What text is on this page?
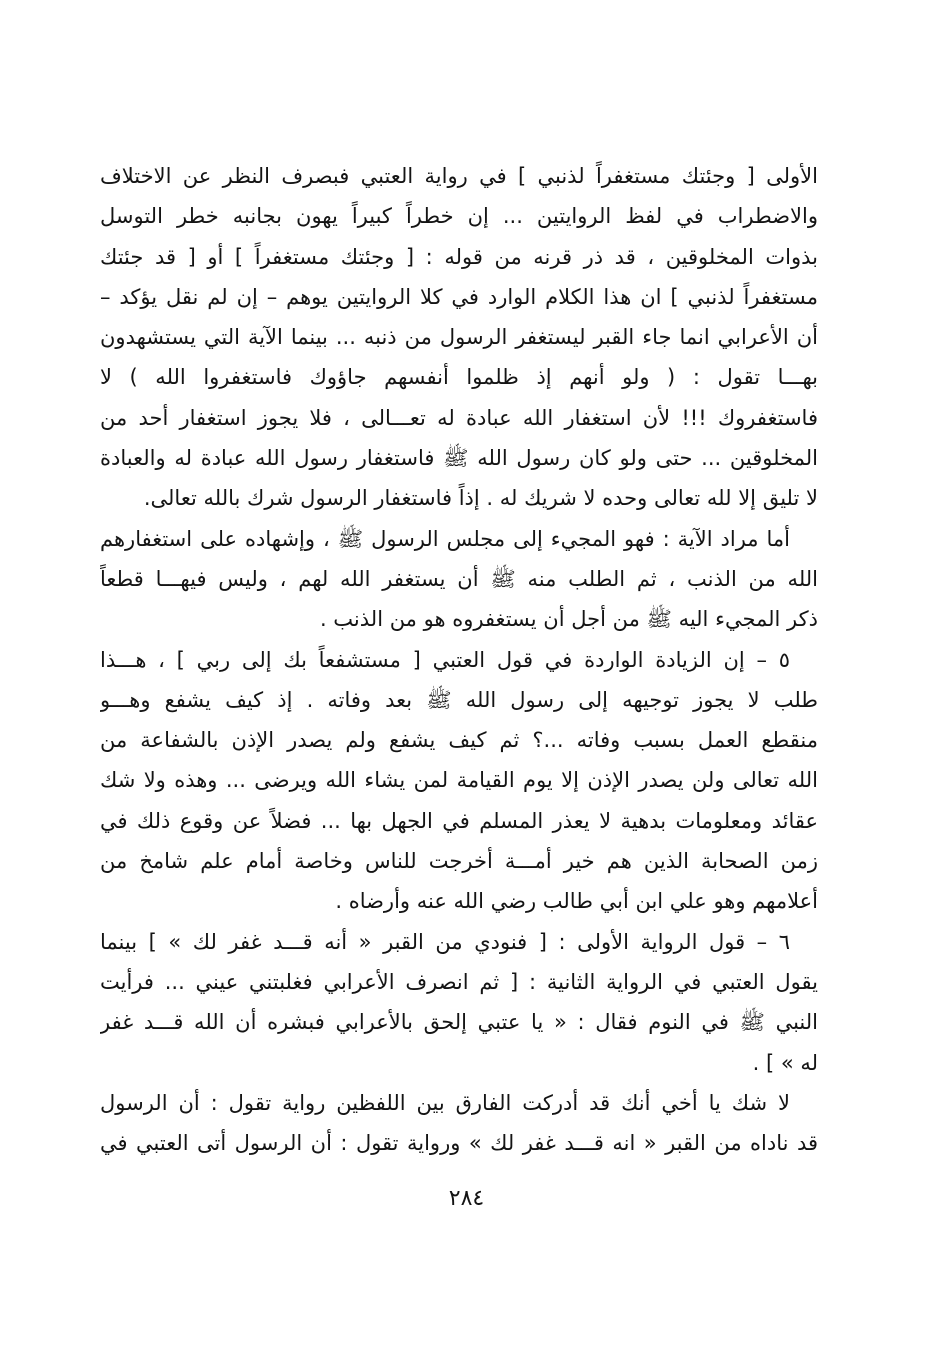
الأولى [ وجئتك مستغفراً لذنبي ] في رواية العتبي فبصرف النظر عن الاختلاف
والاضطراب في لفظ الروايتين ... إن خطراً كبيراً يهون بجانبه خطر التوسل
بذوات المخلوقين ، قد ذر قرنه من قوله : [ وجئتك مستغفراً ] أو [ قد جئتك
مستغفراً لذنبي ] ان هذا الكلام الوارد في كلا الروايتين يوهم – إن لم نقل يؤكد –
أن الأعرابي انما جاء القبر ليستغفر الرسول من ذنبه ... بينما الآية التي يستشهدون
بهـــا تقول : ( ولو أنهم إذ ظلموا أنفسهم جاؤوك فاستغفروا الله ) لا
فاستغفروك !!! لأن استغفار الله عبادة له تعـــالى ، فلا يجوز استغفار أحد من
المخلوقين ... حتى ولو كان رسول الله ﷺ فاستغفار رسول الله عبادة له والعبادة
لا تليق إلا لله تعالى وحده لا شريك له . إذاً فاستغفار الرسول شرك بالله تعالى.
أما مراد الآية : فهو المجيء إلى مجلس الرسول ﷺ ، وإشهاده على استغفارهم
الله من الذنب ، ثم الطلب منه ﷺ أن يستغفر الله لهم ، وليس فيهـــا قطعاً
ذكر المجيء اليه ﷺ من أجل أن يستغفروه هو من الذنب .
٥ – إن الزيادة الواردة في قول العتبي [ مستشفعاً بك إلى ربي ] ، هـــذا
طلب لا يجوز توجيهه إلى رسول الله ﷺ بعد وفاته . إذ كيف يشفع وهـــو
منقطع العمل بسبب وفاته ...؟ ثم كيف يشفع ولم يصدر الإذن بالشفاعة من
الله تعالى ولن يصدر الإذن إلا يوم القيامة لمن يشاء الله ويرضى ... وهذه ولا شك
عقائد ومعلومات بدهية لا يعذر المسلم في الجهل بها ... فضلاً عن وقوع ذلك في
زمن الصحابة الذين هم خير أمـــة أخرجت للناس وخاصة أمام علم شامخ من
أعلامهم وهو علي ابن أبي طالب رضي الله عنه وأرضاه .
٦ – قول الرواية الأولى : [ فنودي من القبر « أنه قـــد غفر لك » ] بينما
يقول العتبي في الرواية الثانية : [ ثم انصرف الأعرابي فغلبتني عيني ... فرأيت
النبي ﷺ في النوم فقال : « يا عتبي إلحق بالأعرابي فبشره أن الله قـــد غفر
له » ] .
لا شك يا أخي أنك قد أدركت الفارق بين اللفظين رواية تقول : أن الرسول
قد ناداه من القبر « انه قـــد غفر لك » ورواية تقول : أن الرسول أتى العتبي في
٢٨٤
